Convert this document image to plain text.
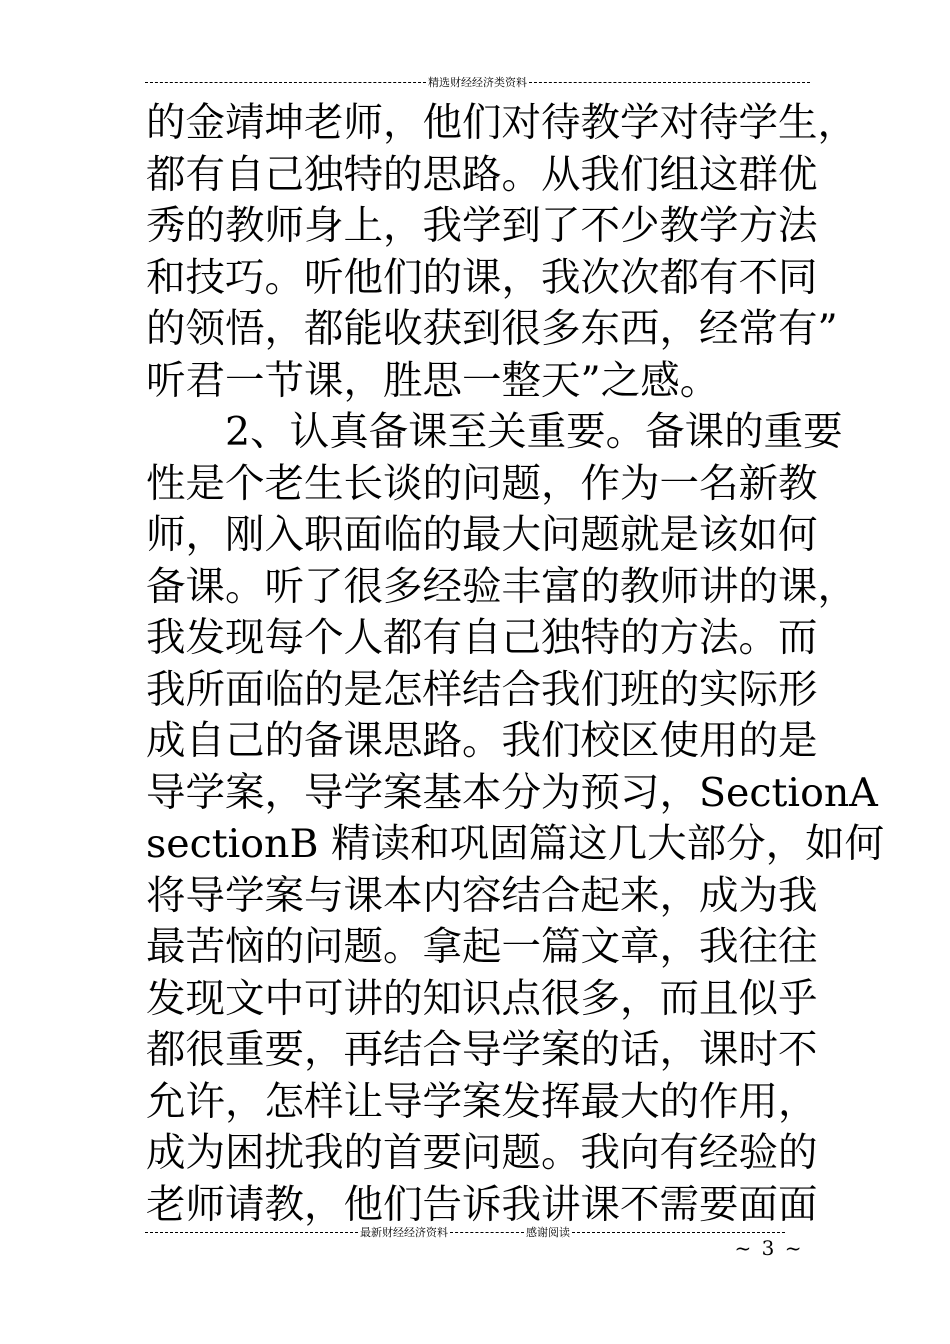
精选财经经济类资料

的金靖坤老师，他们对待教学对待学生，

都有自己独特的思路。从我们组这群优

秀的教师身上，我学到了不少教学方法

和技巧。听他们的课，我次次都有不同

的领悟，都能收获到很多东西，经常有”

听君一节课，胜思一整天”之感。

2、认真备课至关重要。备课的重要

性是个老生长谈的问题，作为一名新教

师，刚入职面临的最大问题就是该如何

备课。听了很多经验丰富的教师讲的课，

我发现每个人都有自己独特的方法。而

我所面临的是怎样结合我们班的实际形

成自己的备课思路。我们校区使用的是

导学案，导学案基本分为预习，SectionA

sectionB 精读和巩固篇这几大部分，如何

将导学案与课本内容结合起来，成为我

最苦恼的问题。拿起一篇文章，我往往

发现文中可讲的知识点很多，而且似乎

都很重要，再结合导学案的话，课时不

允许，怎样让导学案发挥最大的作用，

成为困扰我的首要问题。我向有经验的

老师请教，他们告诉我讲课不需要面面

最新财经经济资料	感谢阅读
~ 3 ~
